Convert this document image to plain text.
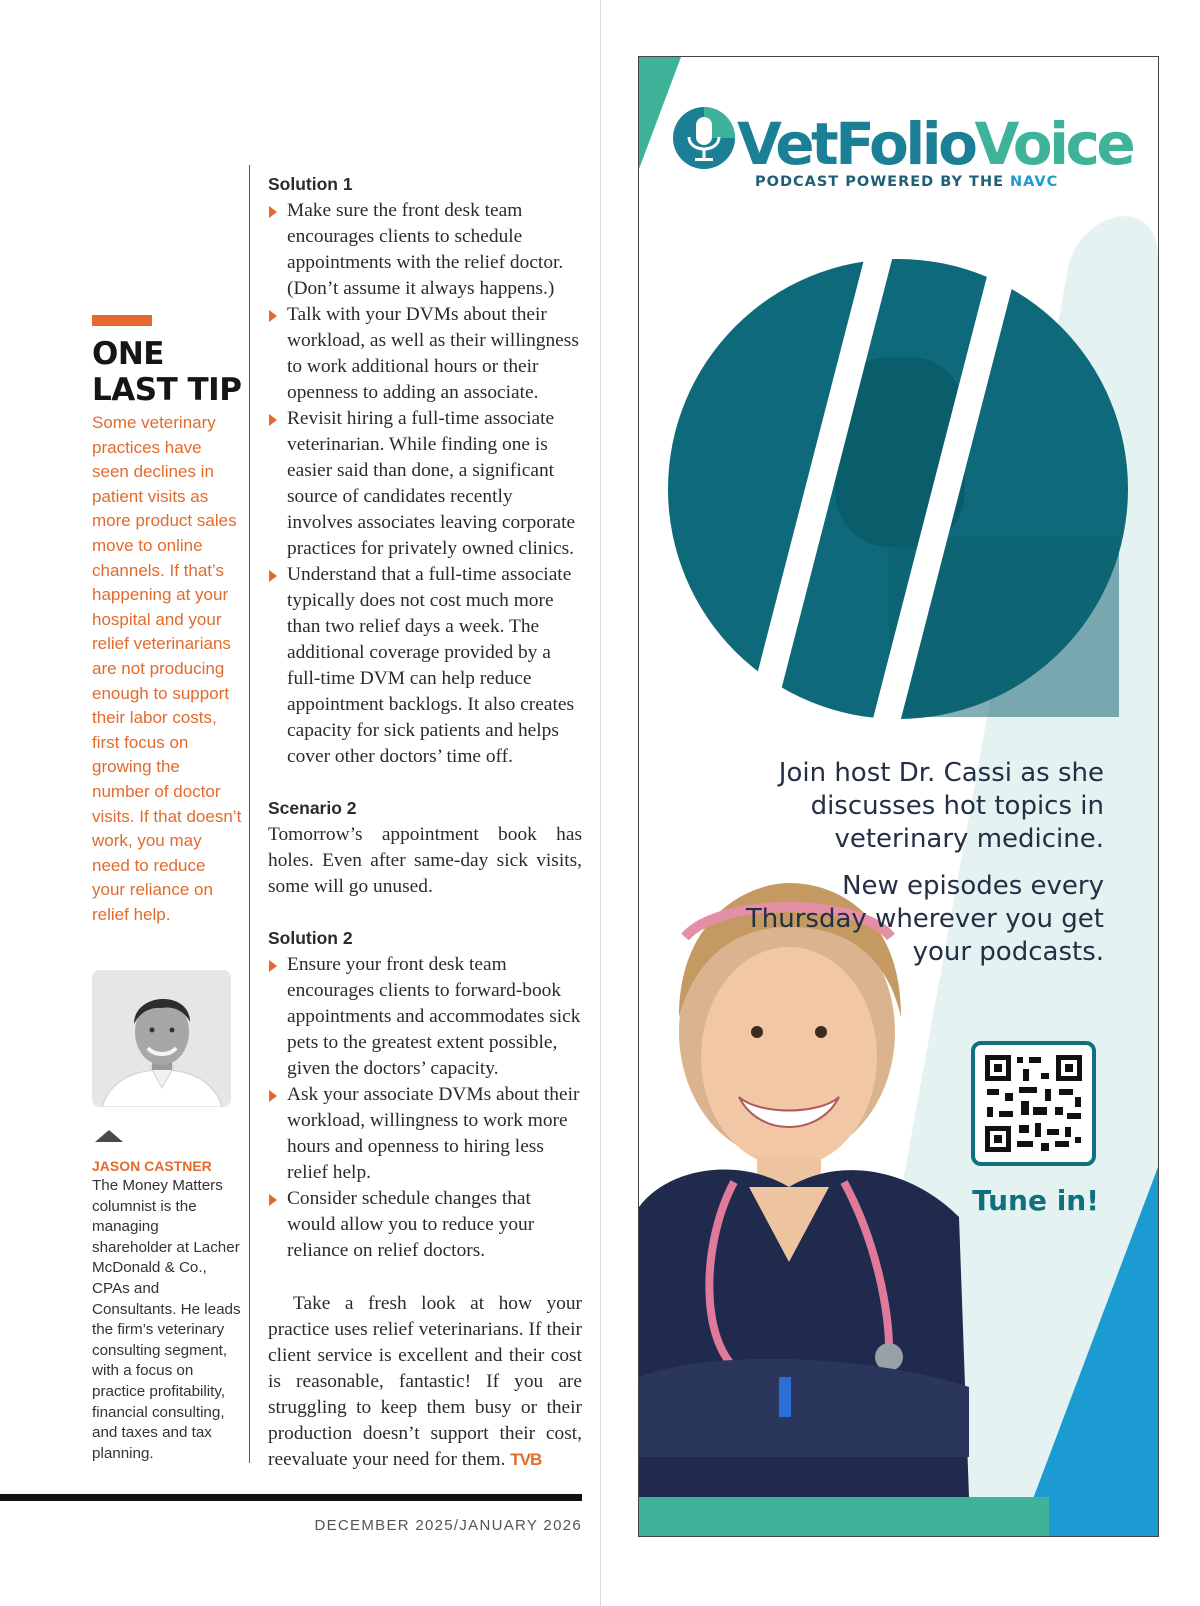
ONE
LAST TIP
Some veterinary practices have seen declines in patient visits as more product sales move to online channels. If that’s happening at your hospital and your relief veterinarians are not producing enough to support their labor costs, first focus on growing the number of doctor visits. If that doesn’t work, you may need to reduce your reliance on relief help.
JASON CASTNER
The Money Matters columnist is the managing shareholder at Lacher McDonald & Co., CPAs and Consultants. He leads the firm’s veterinary consulting segment, with a focus on practice profitability, financial consulting, and taxes and tax planning.
Solution 1
Make sure the front desk team encourages clients to schedule appointments with the relief doctor. (Don’t assume it always happens.)
Talk with your DVMs about their workload, as well as their willingness to work additional hours or their openness to adding an associate.
Revisit hiring a full-time associate veterinarian. While finding one is easier said than done, a significant source of candidates recently involves associates leaving corporate practices for privately owned clinics.
Understand that a full-time associate typically does not cost much more than two relief days a week. The additional coverage provided by a full-time DVM can help reduce appointment backlogs. It also creates capacity for sick patients and helps cover other doctors’ time off.
Scenario 2

Tomorrow’s appointment book has holes. Even after same-day sick visits, some will go unused.

Solution 2
Ensure your front desk team encourages clients to forward-book appointments and accommodates sick pets to the greatest extent possible, given the doctors’ capacity.
Ask your associate DVMs about their workload, willingness to work more hours and openness to hiring less relief help.
Consider schedule changes that would allow you to reduce your reliance on relief doctors.

Take a fresh look at how your practice uses relief veterinarians. If their client service is excellent and their cost is reasonable, fantastic! If you are struggling to keep them busy or their production doesn’t support their cost, reevaluate your need for them. TVB

DECEMBER 2025/JANUARY 2026
VetFolioVoice
PODCAST POWERED BY THE NAVC

Join host Dr. Cassi as she discusses hot topics in veterinary medicine.

New episodes every Thursday wherever you get your podcasts.

Tune in!
